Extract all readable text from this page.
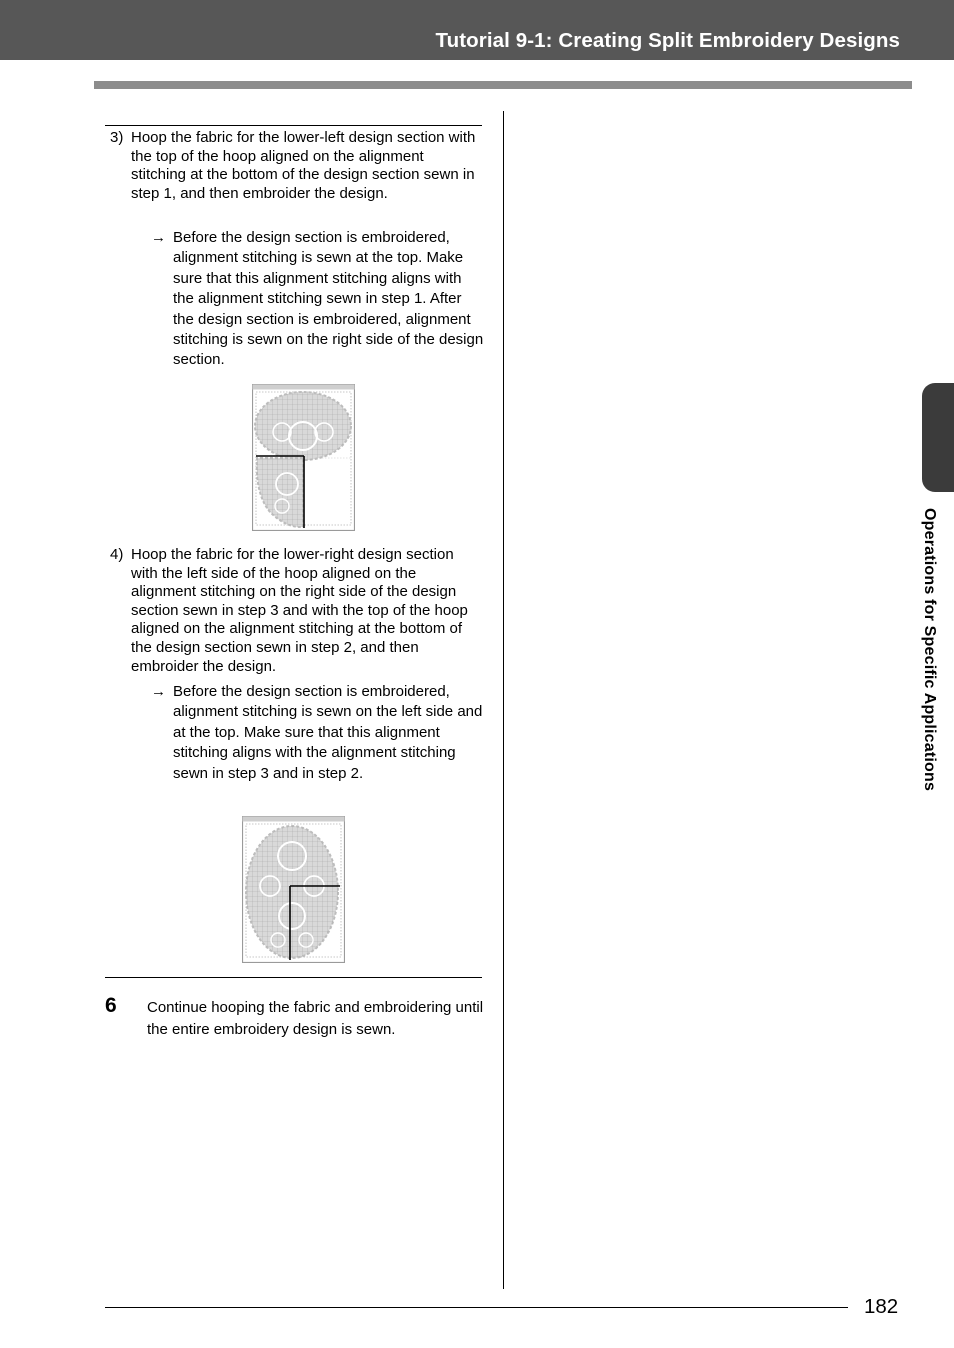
Tutorial 9-1: Creating Split Embroidery Designs
3) Hoop the fabric for the lower-left design section with the top of the hoop aligned on the alignment stitching at the bottom of the design section sewn in step 1, and then embroider the design.
→ Before the design section is embroidered, alignment stitching is sewn at the top. Make sure that this alignment stitching aligns with the alignment stitching sewn in step 1. After the design section is embroidered, alignment stitching is sewn on the right side of the design section.
4) Hoop the fabric for the lower-right design section with the left side of the hoop aligned on the alignment stitching on the right side of the design section sewn in step 3 and with the top of the hoop aligned on the alignment stitching at the bottom of the design section sewn in step 2, and then embroider the design.
→ Before the design section is embroidered, alignment stitching is sewn on the left side and at the top. Make sure that this alignment stitching aligns with the alignment stitching sewn in step 3 and in step 2.
6 Continue hooping the fabric and embroidering until the entire embroidery design is sewn.
Operations for Specific Applications
182
